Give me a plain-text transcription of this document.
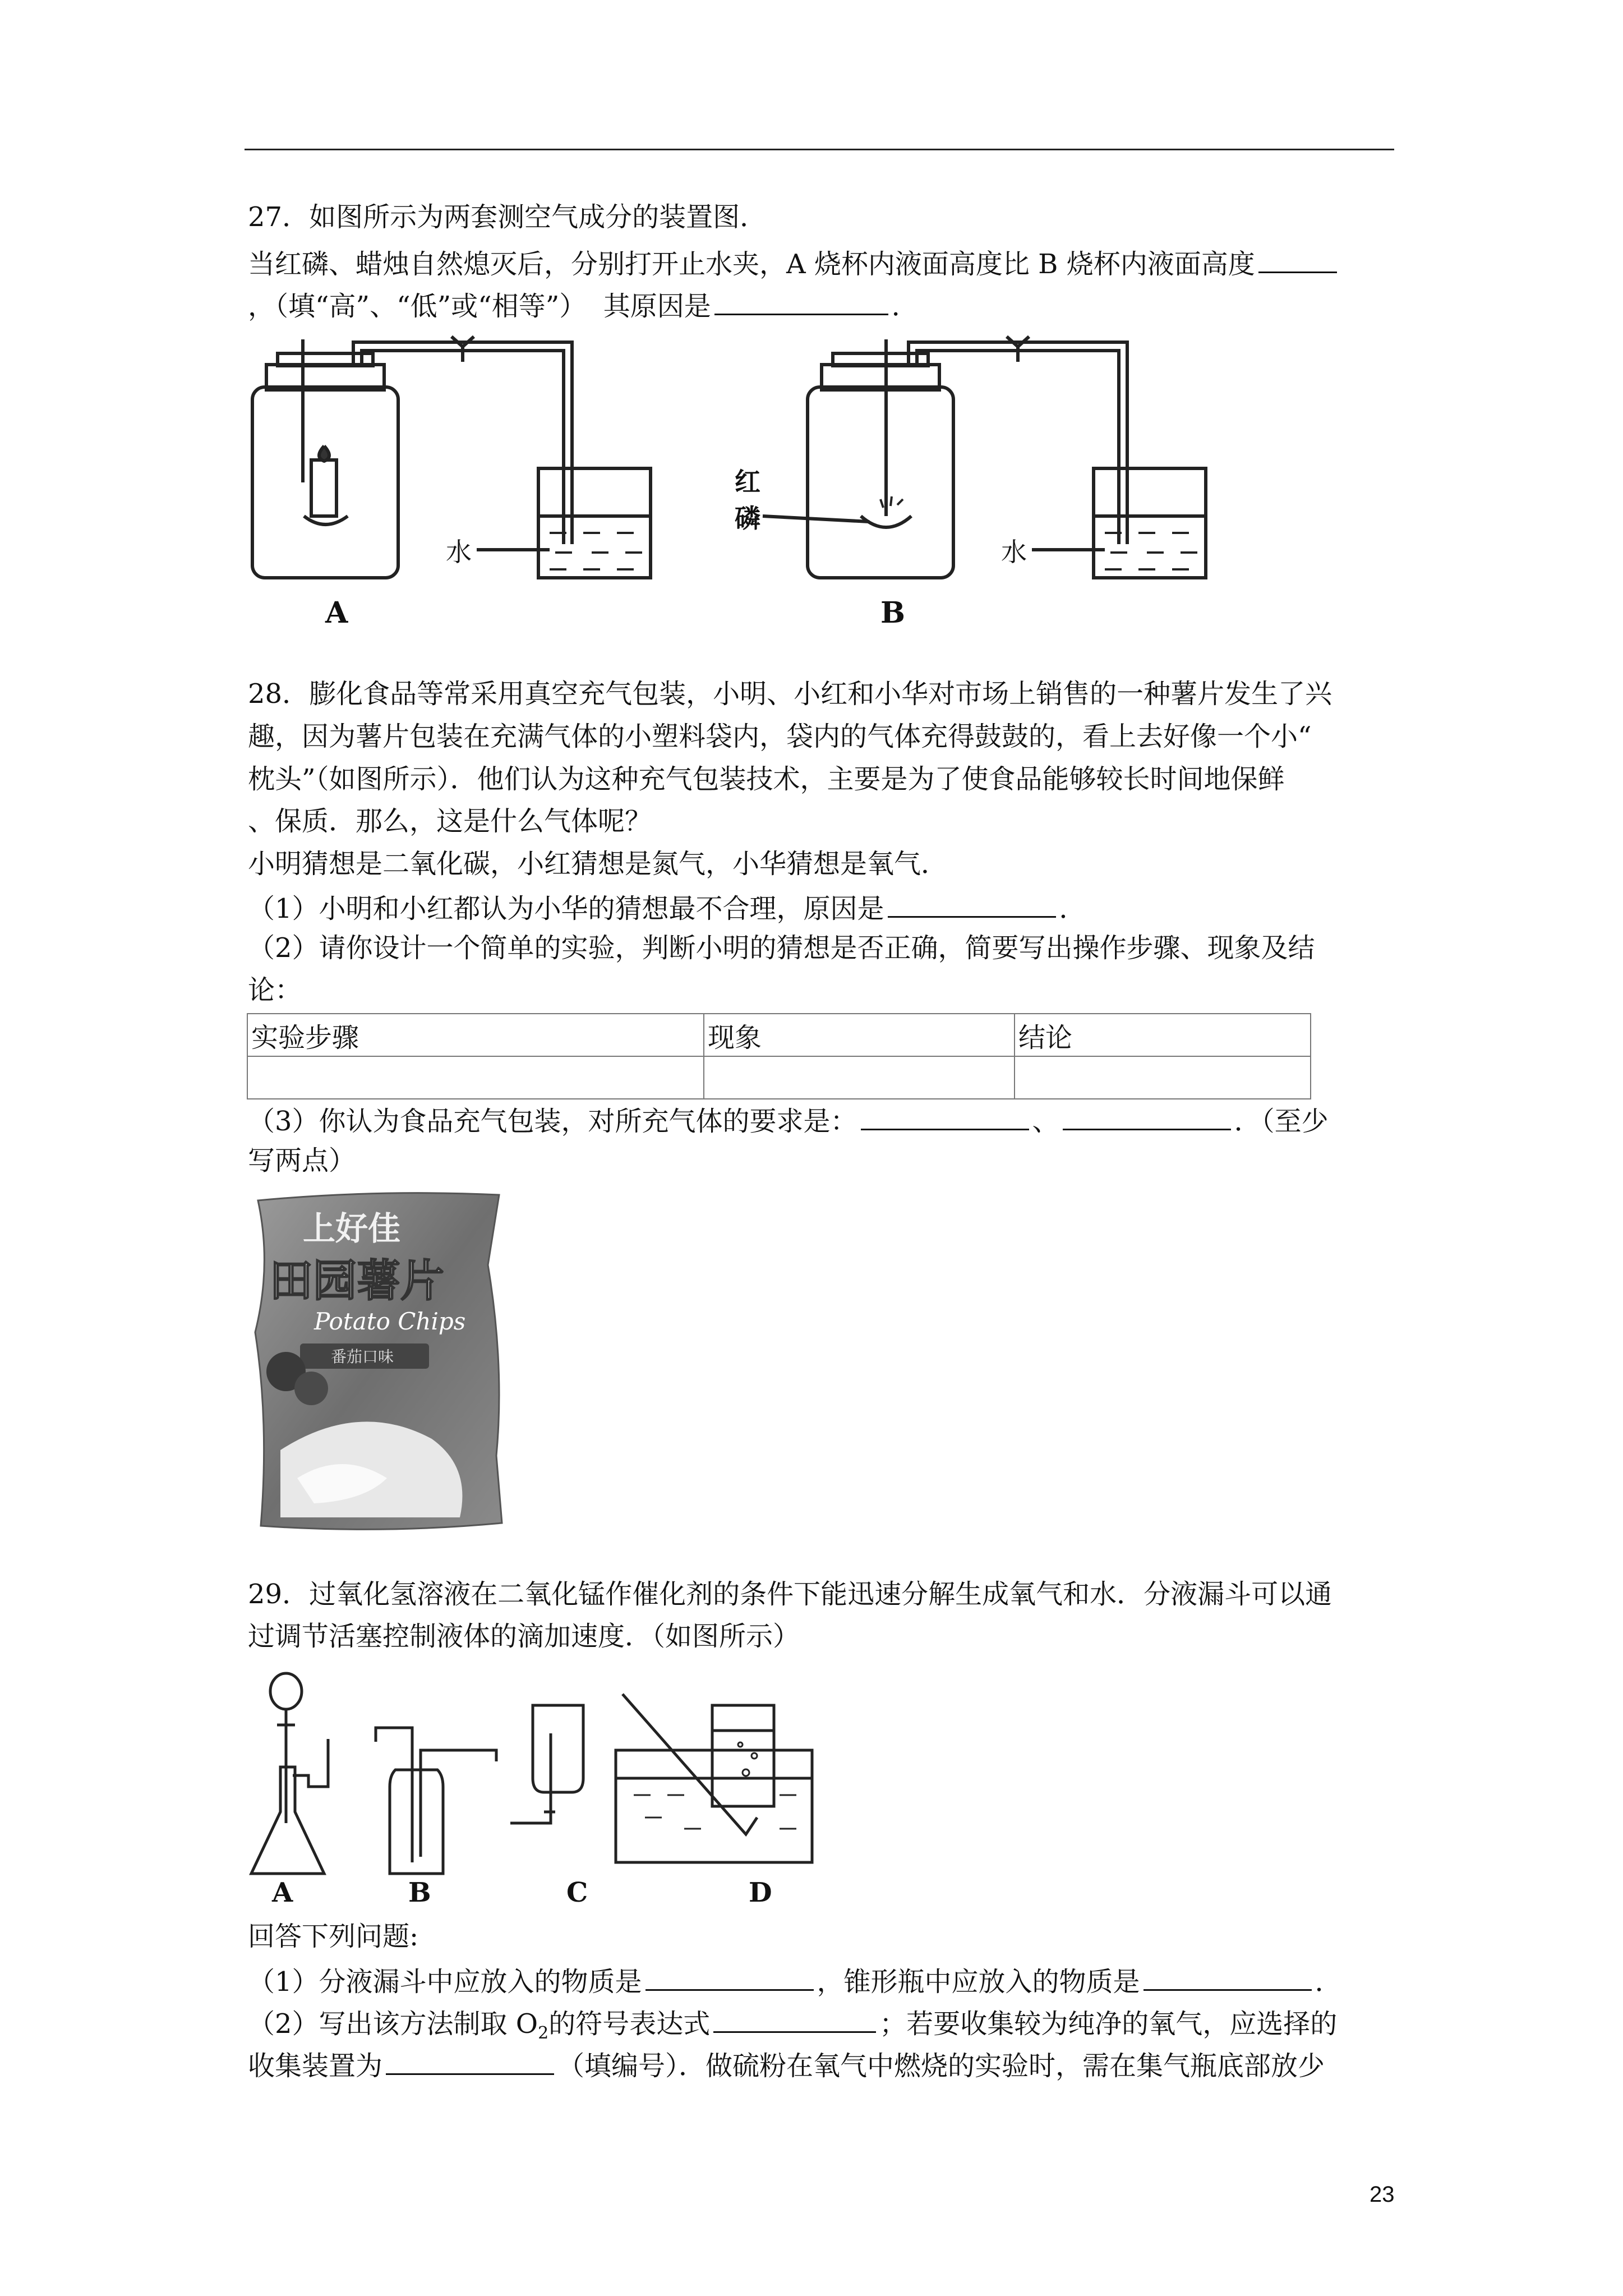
27．如图所示为两套测空气成分的装置图．
当红磷、蜡烛自然熄灭后，分别打开止水夹，A 烧杯内液面高度比 B 烧杯内液面高度
，（填“高”、“低”或“相等”） 其原因是	．
水	水
红
磷
A	B
28．膨化食品等常采用真空充气包装，小明、小红和小华对市场上销售的一种薯片发生了兴
趣，因为薯片包装在充满气体的小塑料袋内，袋内的气体充得鼓鼓的，看上去好像一个小“
枕头”（如图所示）．他们认为这种充气包装技术，主要是为了使食品能够较长时间地保鲜
、保质．那么，这是什么气体呢？
小明猜想是二氧化碳，小红猜想是氮气，小华猜想是氧气．
（1）小明和小红都认为小华的猜想最不合理，原因是	．
（2）请你设计一个简单的实验，判断小明的猜想是否正确，简要写出操作步骤、现象及结
论：
实验步骤	现象	结论

（3）你认为食品充气包装，对所充气体的要求是：	、	．（至少
写两点）
上好佳
田园薯片
Potato Chips
番茄口味
29．过氧化氢溶液在二氧化锰作催化剂的条件下能迅速分解生成氧气和水．分液漏斗可以通
过调节活塞控制液体的滴加速度．（如图所示）
A	B	C	D
回答下列问题:
（1）分液漏斗中应放入的物质是	，锥形瓶中应放入的物质是	．
（2）写出该方法制取 $O_2$的符号表达式	；若要收集较为纯净的氧气，应选择的
收集装置为	（填编号）．做硫粉在氧气中燃烧的实验时，需在集气瓶底部放少
23
